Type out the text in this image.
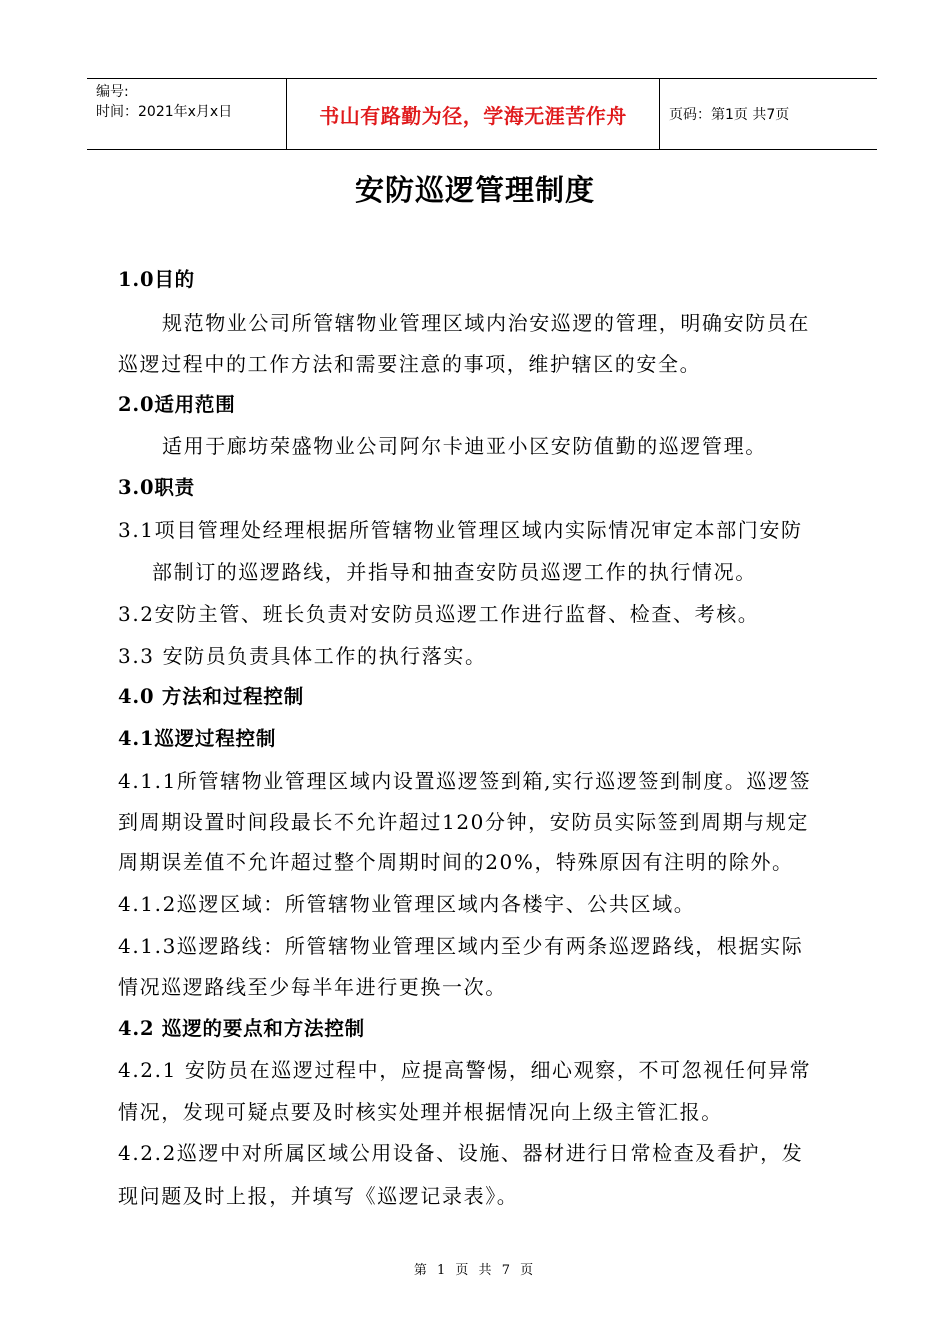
编号:
时间：2021年x月x日	书山有路勤为径，学海无涯苦作舟	页码：第1页 共7页
安防巡逻管理制度
1.0目的
规范物业公司所管辖物业管理区域内治安巡逻的管理，明确安防员在
巡逻过程中的工作方法和需要注意的事项，维护辖区的安全。
2.0适用范围
适用于廊坊荣盛物业公司阿尔卡迪亚小区安防值勤的巡逻管理。
3.0职责
3.1项目管理处经理根据所管辖物业管理区域内实际情况审定本部门安防
部制订的巡逻路线，并指导和抽查安防员巡逻工作的执行情况。
3.2安防主管、班长负责对安防员巡逻工作进行监督、检查、考核。
3.3 安防员负责具体工作的执行落实。
4.0 方法和过程控制
4.1巡逻过程控制
4.1.1所管辖物业管理区域内设置巡逻签到箱,实行巡逻签到制度。巡逻签
到周期设置时间段最长不允许超过120分钟，安防员实际签到周期与规定
周期误差值不允许超过整个周期时间的20%，特殊原因有注明的除外。
4.1.2巡逻区域：所管辖物业管理区域内各楼宇、公共区域。
4.1.3巡逻路线：所管辖物业管理区域内至少有两条巡逻路线，根据实际
情况巡逻路线至少每半年进行更换一次。
4.2 巡逻的要点和方法控制
4.2.1 安防员在巡逻过程中，应提高警惕，细心观察，不可忽视任何异常
情况，发现可疑点要及时核实处理并根据情况向上级主管汇报。
4.2.2巡逻中对所属区域公用设备、设施、器材进行日常检查及看护，发
现问题及时上报，并填写《巡逻记录表》。
第 1 页 共 7 页
